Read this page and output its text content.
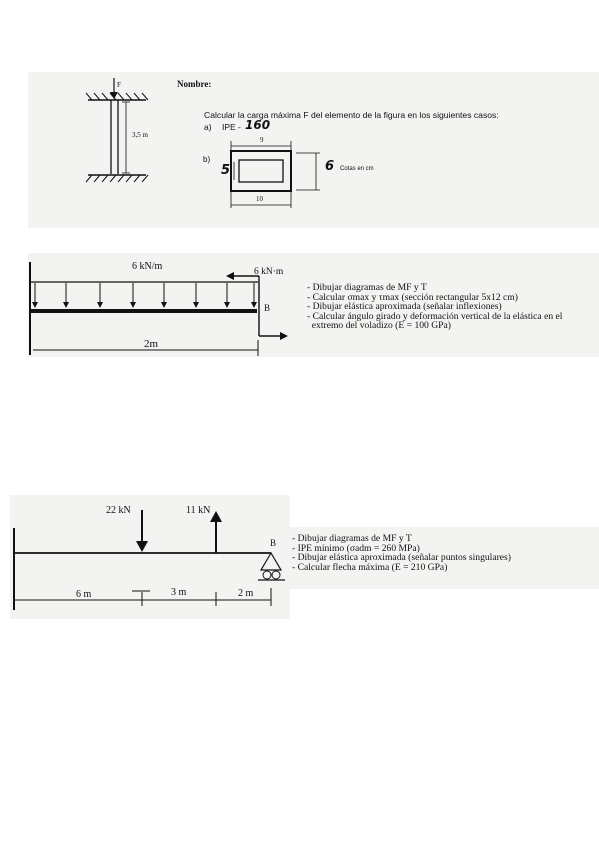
F
3,5 m
Nombre:
Calcular la carga máxima F del elemento de la figura en los siguientes casos:
a) IPE - 160
b)
9
10
5	6 Cotas en cm
6 kN/m	6 kN·m
B
2m
- Dibujar diagramas de MF y T
- Calcular σmax y τmax (sección rectangular 5x12 cm)
- Dibujar elástica aproximada (señalar inflexiones)
- Calcular ángulo girado y deformación vertical de la elástica en el
extremo del voladizo (E = 100 GPa)
22 kN	11 kN
B
6 m	3 m	2 m
- Dibujar diagramas de MF y T
- IPE mínimo (σadm = 260 MPa)
- Dibujar elástica aproximada (señalar puntos singulares)
- Calcular flecha máxima (E = 210 GPa)
